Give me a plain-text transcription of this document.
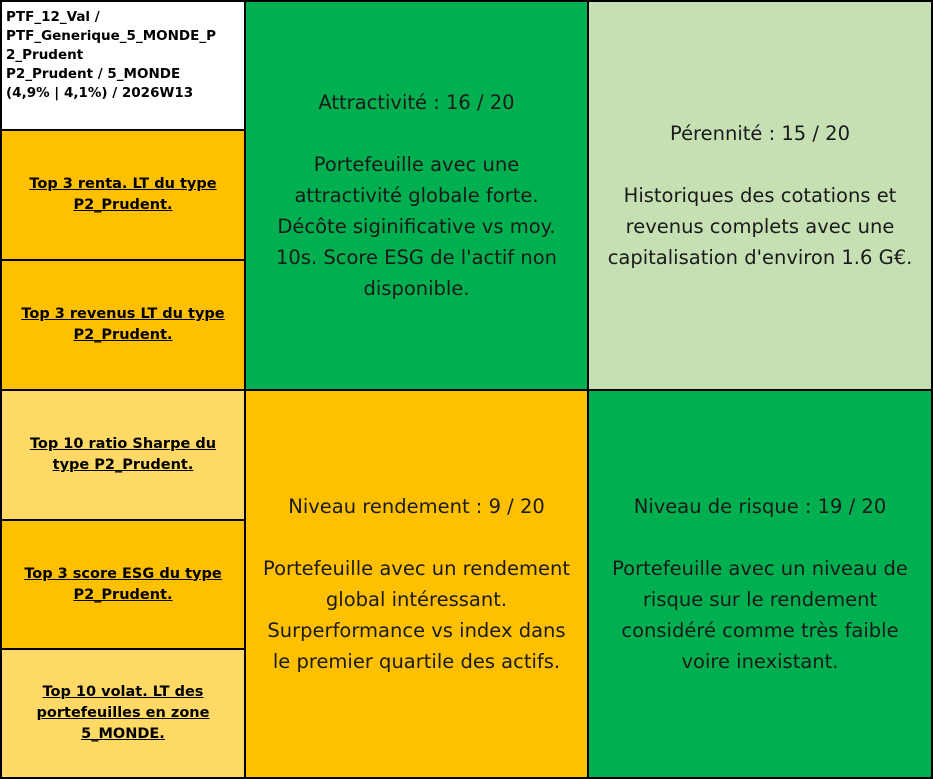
PTF_12_Val /
PTF_Generique_5_MONDE_P
2_Prudent
P2_Prudent / 5_MONDE
(4,9% | 4,1%) / 2026W13
Top 3 renta. LT du type
P2_Prudent.
Top 3 revenus LT du type
P2_Prudent.
Top 10 ratio Sharpe du
type P2_Prudent.
Top 3 score ESG du type
P2_Prudent.
Top 10 volat. LT des
portefeuilles en zone
5_MONDE.
Attractivité : 16 / 20
Portefeuille avec une
attractivité globale forte.
Décôte siginificative vs moy.
10s. Score ESG de l'actif non
disponible.
Pérennité : 15 / 20
Historiques des cotations et
revenus complets avec une
capitalisation d'environ 1.6 G€.
Niveau rendement : 9 / 20
Portefeuille avec un rendement
global intéressant.
Surperformance vs index dans
le premier quartile des actifs.
Niveau de risque : 19 / 20
Portefeuille avec un niveau de
risque sur le rendement
considéré comme très faible
voire inexistant.
